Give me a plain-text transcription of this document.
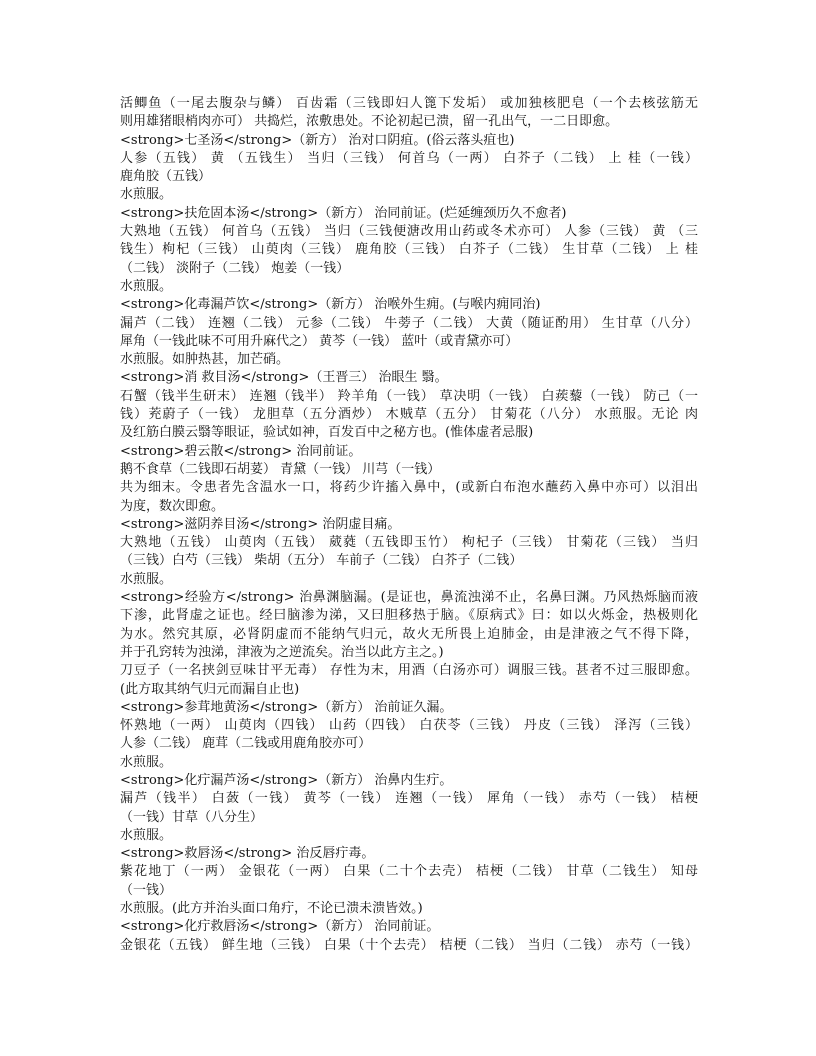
活鲫鱼（一尾去腹杂与鳞） 百齿霜（三钱即妇人篦下发垢） 或加独核肥皂（一个去核弦筋无
则用雄猪眼梢肉亦可） 共捣烂，浓敷患处。不论初起已溃，留一孔出气，一二日即愈。
<strong>七圣汤</strong>（新方） 治对口阴疽。(俗云落头疽也)
人参（五钱） 黄 （五钱生） 当归（三钱） 何首乌（一两） 白芥子（二钱） 上 桂（一钱）
鹿角胶（五钱）
水煎服。
<strong>扶危固本汤</strong>（新方） 治同前证。(烂延缠颈历久不愈者)
大熟地（五钱） 何首乌（五钱） 当归（三钱便溏改用山药或冬术亦可） 人参（三钱） 黄 （三
钱生）枸杞（三钱） 山萸肉（三钱） 鹿角胶（三钱） 白芥子（二钱） 生甘草（二钱） 上 桂
（二钱） 淡附子（二钱） 炮姜（一钱）
水煎服。
<strong>化毒漏芦饮</strong>（新方） 治喉外生痈。(与喉内痈同治)
漏芦（二钱） 连翘（二钱） 元参（二钱） 牛蒡子（二钱） 大黄（随证酌用） 生甘草（八分）
犀角（一钱此味不可用升麻代之） 黄芩（一钱） 蓝叶（或青黛亦可）
水煎服。如肿热甚，加芒硝。
<strong>消 救目汤</strong>（王晋三） 治眼生 翳。
石蟹（钱半生研末） 连翘（钱半） 羚羊角（一钱） 草决明（一钱） 白蒺藜（一钱） 防己（一
钱）茺蔚子（一钱） 龙胆草（五分酒炒） 木贼草（五分） 甘菊花（八分） 水煎服。无论 肉
及红筋白膜云翳等眼证，验试如神，百发百中之秘方也。(惟体虚者忌服)
<strong>碧云散</strong> 治同前证。
鹅不食草（二钱即石胡荽） 青黛（一钱） 川芎（一钱）
共为细末。令患者先含温水一口，将药少许搐入鼻中，(或新白布泡水蘸药入鼻中亦可）以泪出
为度，数次即愈。
<strong>滋阴养目汤</strong> 治阴虚目痛。
大熟地（五钱） 山萸肉（五钱） 葳蕤（五钱即玉竹） 枸杞子（三钱） 甘菊花（三钱） 当归
（三钱）白芍（三钱） 柴胡（五分） 车前子（二钱） 白芥子（二钱）
水煎服。
<strong>经验方</strong> 治鼻渊脑漏。(是证也，鼻流浊涕不止，名鼻曰渊。乃风热烁脑而液
下渗，此肾虚之证也。经曰脑渗为涕，又曰胆移热于脑。《原病式》曰：如以火烁金，热极则化
为水。然究其原，必肾阴虚而不能纳气归元，故火无所畏上迫肺金，由是津液之气不得下降，
并于孔窍转为浊涕，津液为之逆流矣。治当以此方主之。)
刀豆子（一名挟剑豆味甘平无毒） 存性为末，用酒（白汤亦可）调服三钱。甚者不过三服即愈。
(此方取其纳气归元而漏自止也)
<strong>参茸地黄汤</strong>（新方） 治前证久漏。
怀熟地（一两） 山萸肉（四钱） 山药（四钱） 白茯苓（三钱） 丹皮（三钱） 泽泻（三钱）
人参（二钱） 鹿茸（二钱或用鹿角胶亦可）
水煎服。
<strong>化疔漏芦汤</strong>（新方） 治鼻内生疔。
漏芦（钱半） 白蔹（一钱） 黄芩（一钱） 连翘（一钱） 犀角（一钱） 赤芍（一钱） 桔梗
（一钱）甘草（八分生）
水煎服。
<strong>救唇汤</strong> 治反唇疔毒。
紫花地丁（一两） 金银花（一两） 白果（二十个去壳） 桔梗（二钱） 甘草（二钱生） 知母
（一钱）
水煎服。(此方并治头面口角疔，不论已溃未溃皆效。)
<strong>化疔救唇汤</strong>（新方） 治同前证。
金银花（五钱） 鲜生地（三钱） 白果（十个去壳） 桔梗（二钱） 当归（二钱） 赤芍（一钱）
